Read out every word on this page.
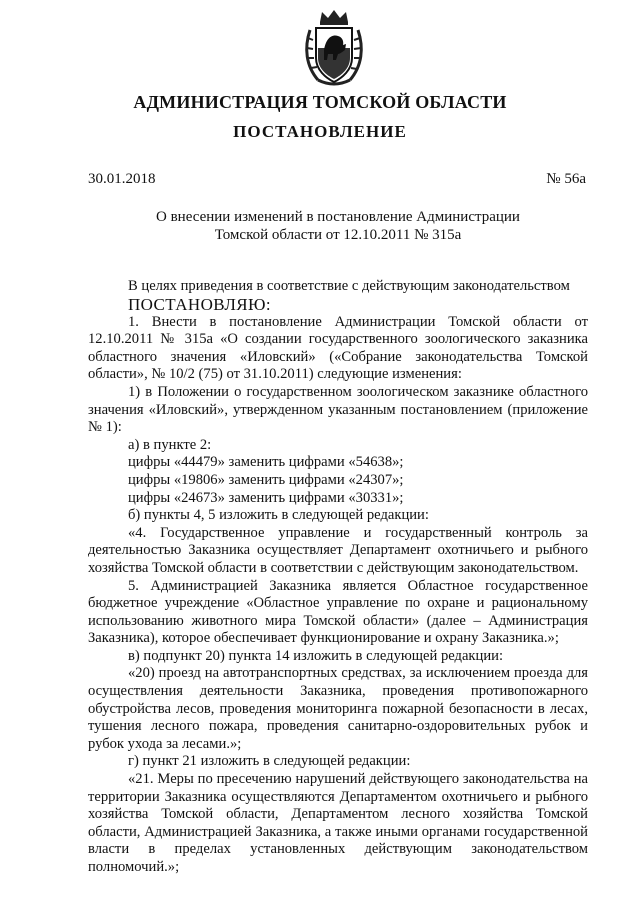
АДМИНИСТРАЦИЯ ТОМСКОЙ ОБЛАСТИ
ПОСТАНОВЛЕНИЕ
30.01.2018	№ 56а
О внесении изменений в постановление Администрации
Томской области от 12.10.2011 № 315а

В целях приведения в соответствие с действующим законодательством

ПОСТАНОВЛЯЮ:

1. Внести в постановление Администрации Томской области от 12.10.2011 № 315а «О создании государственного зоологического заказника областного значения «Иловский» («Собрание законодательства Томской области», № 10/2 (75) от 31.10.2011) следующие изменения:

1) в Положении о государственном зоологическом заказнике областного значения «Иловский», утвержденном указанным постановлением (приложение № 1):

а) в пункте 2:

цифры «44479» заменить цифрами «54638»;

цифры «19806» заменить цифрами «24307»;

цифры «24673» заменить цифрами «30331»;

б) пункты 4, 5 изложить в следующей редакции:

«4. Государственное управление и государственный контроль за деятельностью Заказника осуществляет Департамент охотничьего и рыбного хозяйства Томской области в соответствии с действующим законодательством.

5. Администрацией Заказника является Областное государственное бюджетное учреждение «Областное управление по охране и рациональному использованию животного мира Томской области» (далее – Администрация Заказника), которое обеспечивает функционирование и охрану Заказника.»;

в) подпункт 20) пункта 14 изложить в следующей редакции:

«20) проезд на автотранспортных средствах, за исключением проезда для осуществления деятельности Заказника, проведения противопожарного обустройства лесов, проведения мониторинга пожарной безопасности в лесах, тушения лесного пожара, проведения санитарно-оздоровительных рубок и рубок ухода за лесами.»;

г) пункт 21 изложить в следующей редакции:

«21. Меры по пресечению нарушений действующего законодательства на территории Заказника осуществляются Департаментом охотничьего и рыбного хозяйства Томской области, Департаментом лесного хозяйства Томской области, Администрацией Заказника, а также иными органами государственной власти в пределах установленных действующим законодательством полномочий.»;
